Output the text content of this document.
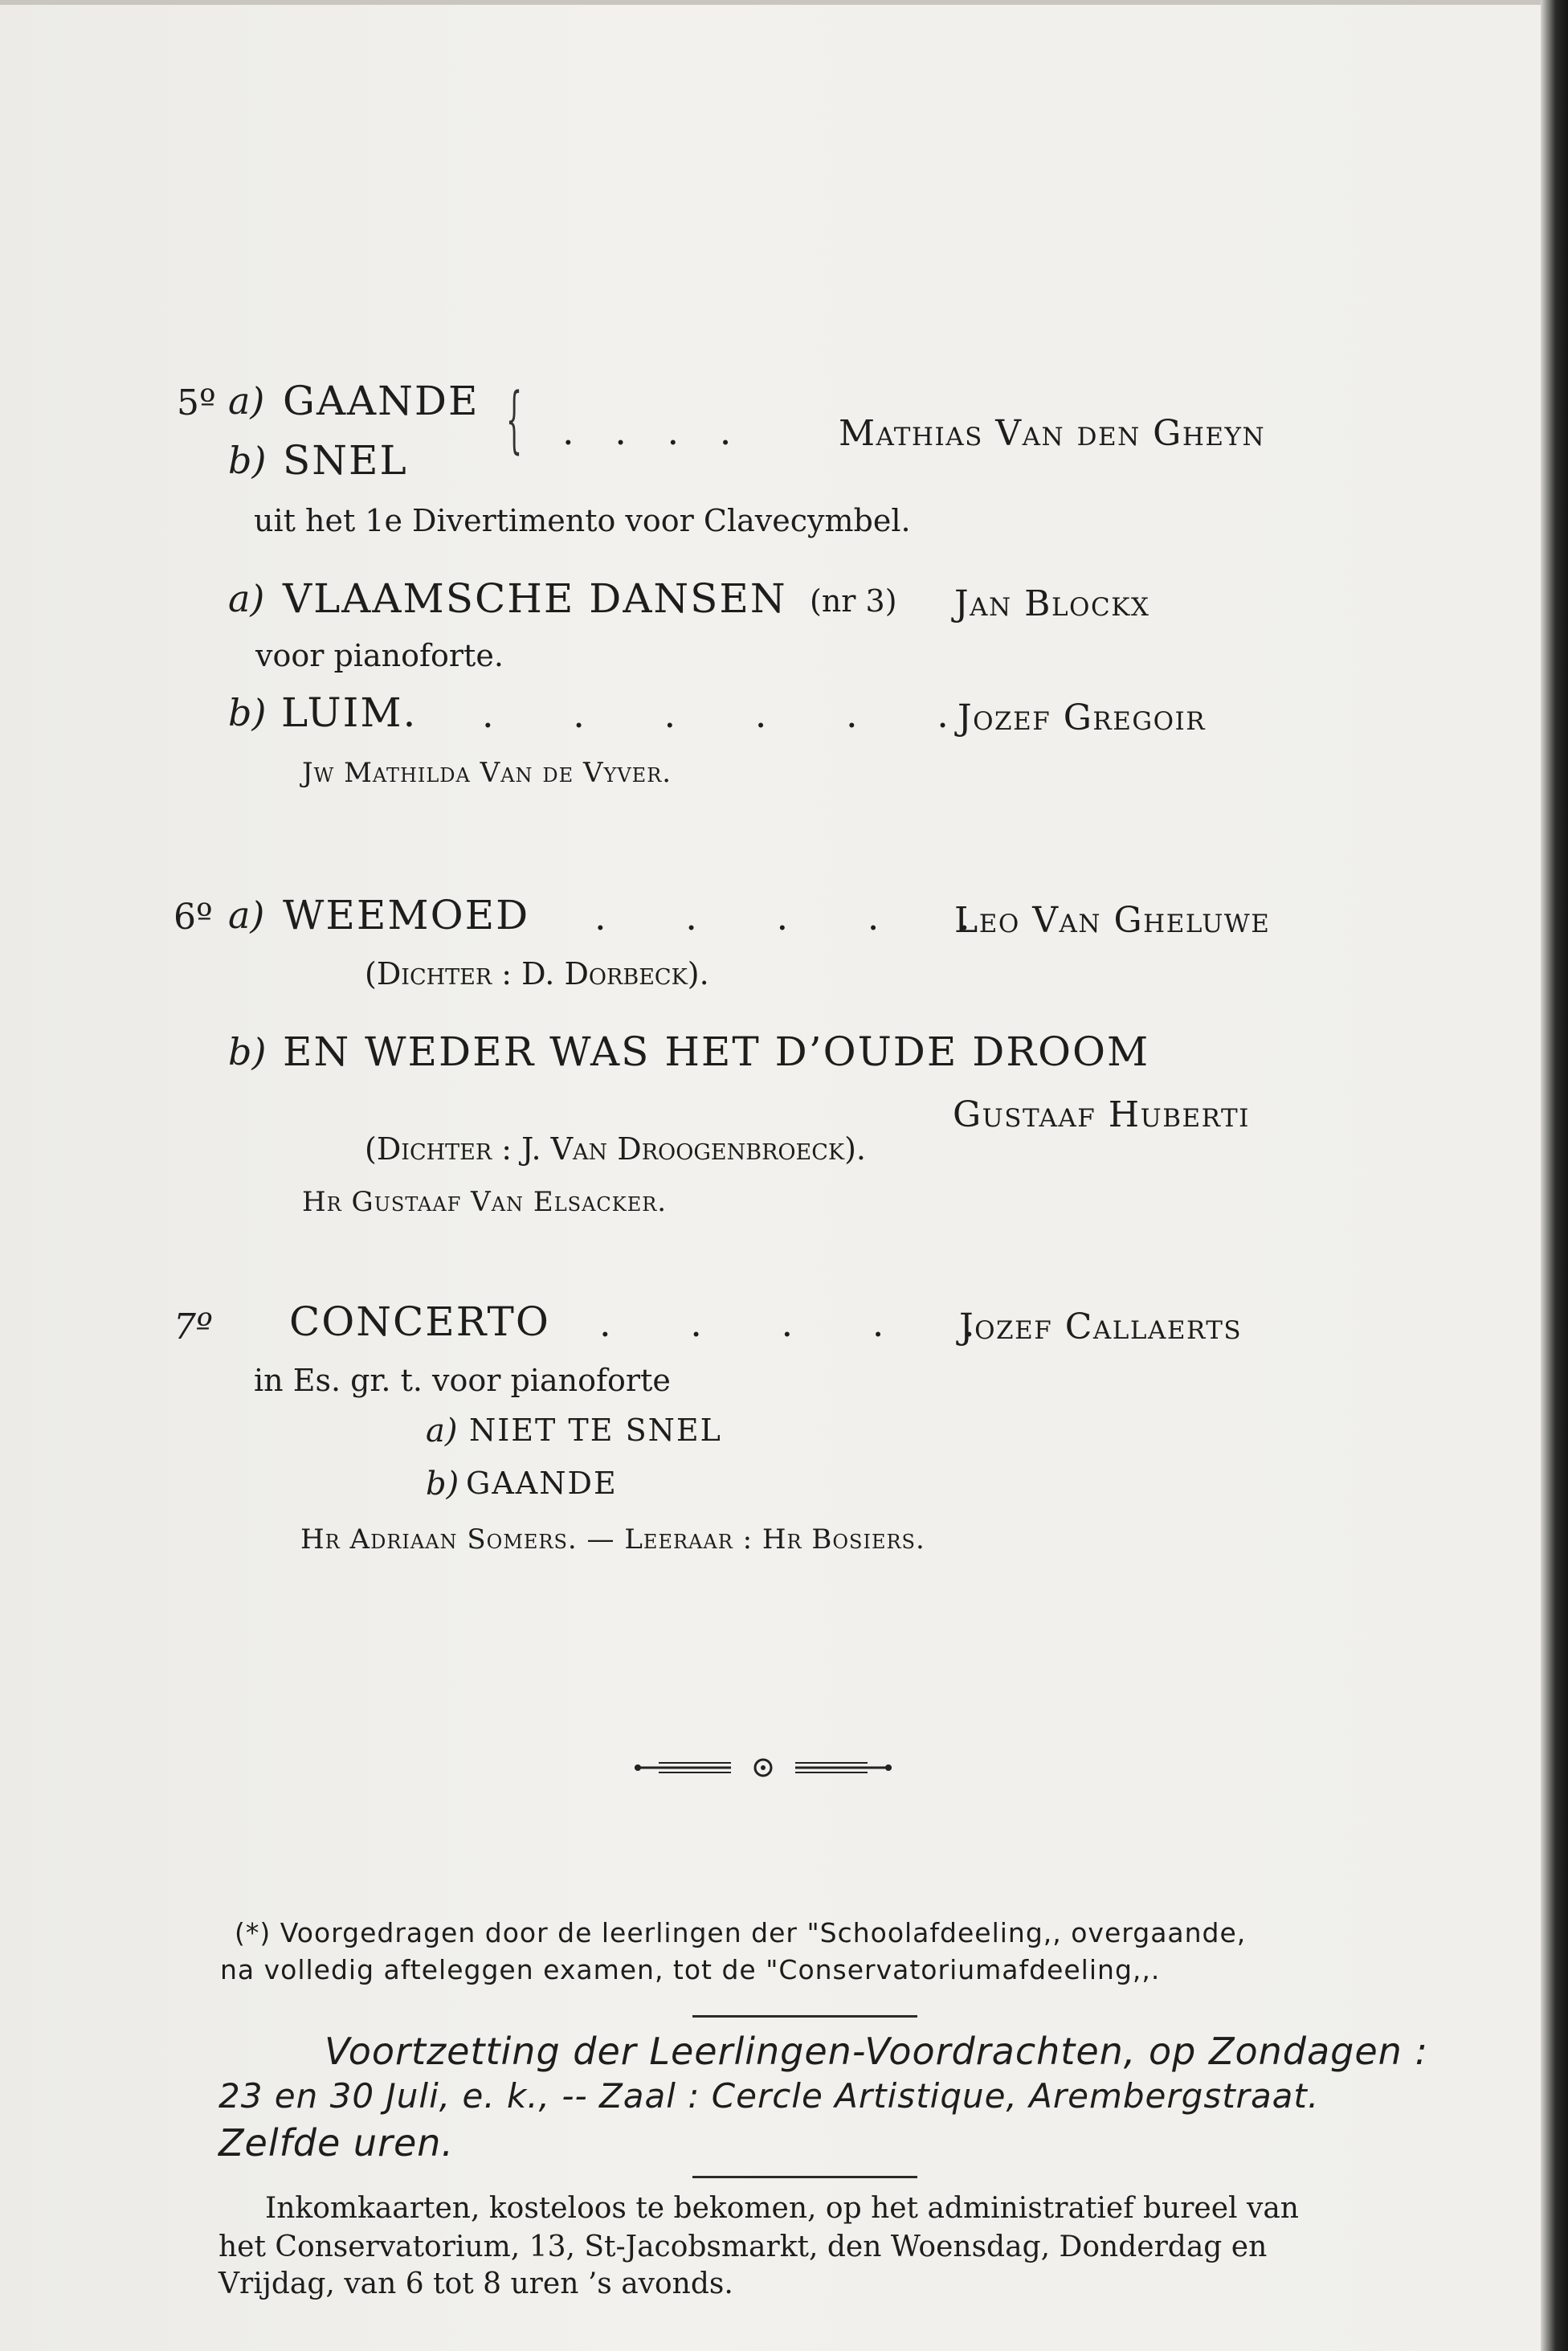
5º a) GAANDE
b) SNEL { . . . .	Mathias Van den Gheyn
uit het 1e Divertimento voor Clavecymbel.
a) VLAAMSCHE DANSEN (nr 3) Jan Blockx
voor pianoforte.
b) LUIM. . . . . . .
Jozef Gregoir
Jw Mathilda Van de Vyver.
6º a) WEEMOED . . . . .
Leo Van Gheluwe
(Dichter : D. Dorbeck).
b) EN WEDER WAS HET D’OUDE DROOM
Gustaaf Huberti
(Dichter : J. Van Droogenbroeck).
Hr Gustaaf Van Elsacker.
7º CONCERTO . . . . .
Jozef Callaerts
in Es. gr. t. voor pianoforte
a) NIET TE SNEL
b) GAANDE
Hr Adriaan Somers. — Leeraar : Hr Bosiers.
(*) Voorgedragen door de leerlingen der "Schoolafdeeling,, overgaande,
na volledig afteleggen examen, tot de "Conservatoriumafdeeling,,.
Voortzetting der Leerlingen-Voordrachten, op Zondagen :
23 en 30 Juli, e. k., -- Zaal : Cercle Artistique, Arembergstraat.
Zelfde uren.
Inkomkaarten, kosteloos te bekomen, op het administratief bureel van
het Conservatorium, 13, St-Jacobsmarkt, den Woensdag, Donderdag en
Vrijdag, van 6 tot 8 uren ’s avonds.
